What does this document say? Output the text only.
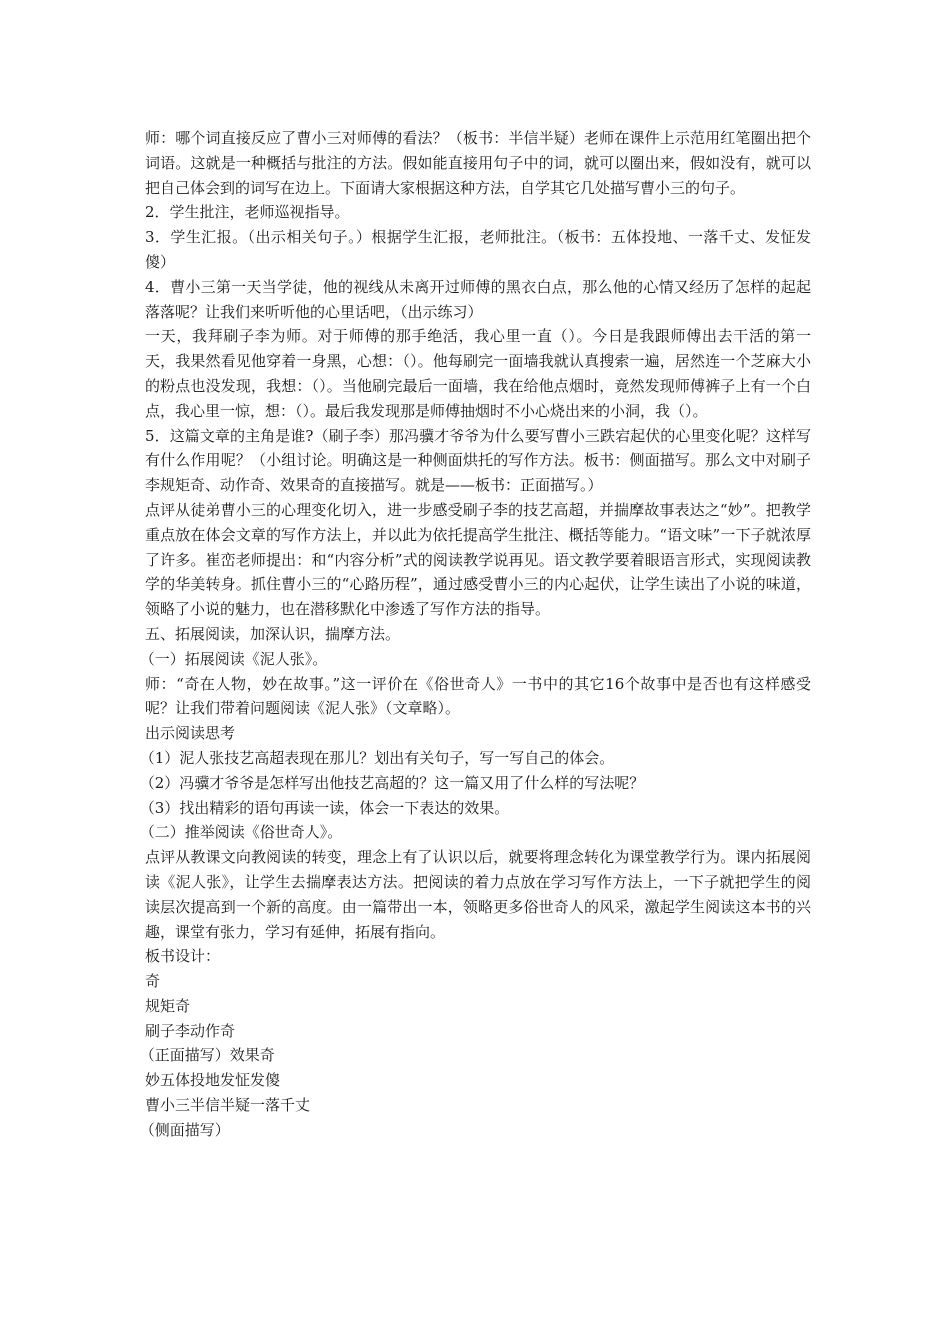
师：哪个词直接反应了曹小三对师傅的看法？（板书：半信半疑）老师在课件上示范用红笔圈出把个词语。这就是一种概括与批注的方法。假如能直接用句子中的词，就可以圈出来，假如没有，就可以把自己体会到的词写在边上。下面请大家根据这种方法，自学其它几处描写曹小三的句子。

2．学生批注，老师巡视指导。

3．学生汇报。（出示相关句子。）根据学生汇报，老师批注。（板书：五体投地、一落千丈、发怔发傻）

4．曹小三第一天当学徒，他的视线从未离开过师傅的黑衣白点，那么他的心情又经历了怎样的起起落落呢？让我们来听听他的心里话吧，（出示练习）

一天，我拜刷子李为师。对于师傅的那手绝活，我心里一直（）。今日是我跟师傅出去干活的第一天，我果然看见他穿着一身黑，心想：（）。他每刷完一面墙我就认真搜索一遍，居然连一个芝麻大小的粉点也没发现，我想：（）。当他刷完最后一面墙，我在给他点烟时，竟然发现师傅裤子上有一个白点，我心里一惊，想：（）。最后我发现那是师傅抽烟时不小心烧出来的小洞，我（）。

5．这篇文章的主角是谁?（刷子李）那冯骥才爷爷为什么要写曹小三跌宕起伏的心里变化呢？这样写有什么作用呢？（小组讨论。明确这是一种侧面烘托的写作方法。板书：侧面描写。那么文中对刷子李规矩奇、动作奇、效果奇的直接描写。就是——板书：正面描写。）

点评从徒弟曹小三的心理变化切入，进一步感受刷子李的技艺高超，并揣摩故事表达之“妙”。把教学重点放在体会文章的写作方法上，并以此为依托提高学生批注、概括等能力。“语文味”一下子就浓厚了许多。崔峦老师提出：和“内容分析”式的阅读教学说再见。语文教学要着眼语言形式，实现阅读教学的华美转身。抓住曹小三的“心路历程”，通过感受曹小三的内心起伏，让学生读出了小说的味道，领略了小说的魅力，也在潜移默化中渗透了写作方法的指导。

五、拓展阅读，加深认识，揣摩方法。

（一）拓展阅读《泥人张》。

师：“奇在人物，妙在故事。”这一评价在《俗世奇人》一书中的其它16个故事中是否也有这样感受呢？让我们带着问题阅读《泥人张》（文章略）。

出示阅读思考

（1）泥人张技艺高超表现在那儿？划出有关句子，写一写自己的体会。

（2）冯骥才爷爷是怎样写出他技艺高超的？这一篇又用了什么样的写法呢？

（3）找出精彩的语句再读一读，体会一下表达的效果。

（二）推举阅读《俗世奇人》。

点评从教课文向教阅读的转变，理念上有了认识以后，就要将理念转化为课堂教学行为。课内拓展阅读《泥人张》，让学生去揣摩表达方法。把阅读的着力点放在学习写作方法上，一下子就把学生的阅读层次提高到一个新的高度。由一篇带出一本，领略更多俗世奇人的风采，激起学生阅读这本书的兴趣，课堂有张力，学习有延伸，拓展有指向。

板书设计：

奇

规矩奇

刷子李动作奇

（正面描写）效果奇

妙五体投地发怔发傻

曹小三半信半疑一落千丈

（侧面描写）
